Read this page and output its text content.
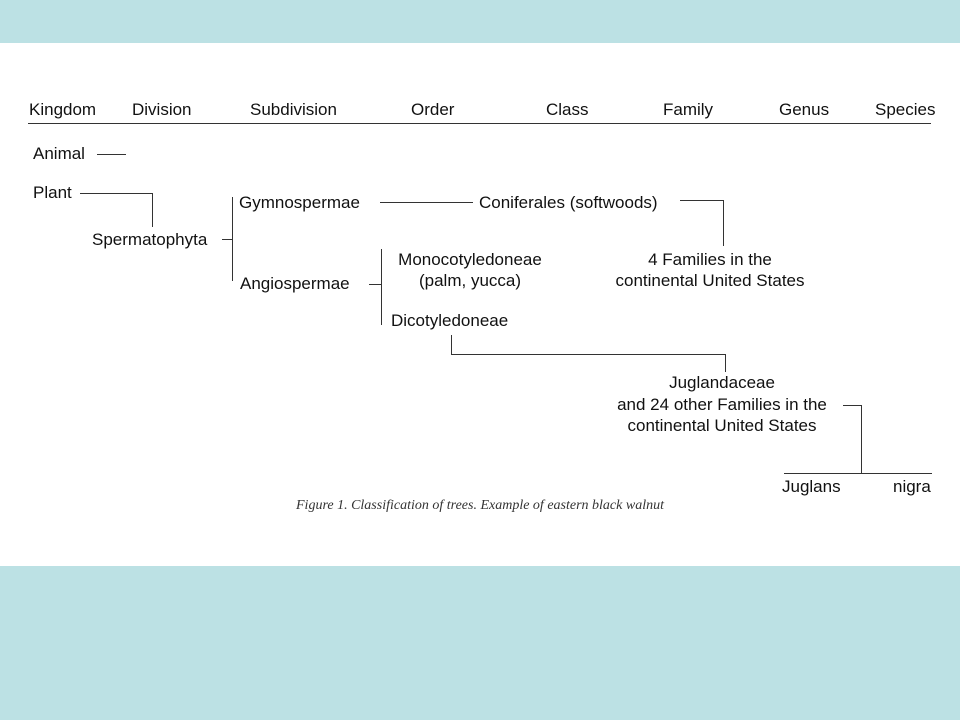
Kingdom Division	Subdivision	Order	Class	Family	Genus	Species
Animal
Plant
Spermatophyta
Gymnospermae	Coniferales (softwoods)
4 Families in the
continental United States
Angiospermae
Monocotyledoneae
(palm, yucca)
Dicotyledoneae
Juglandaceae
and 24 other Families in the
continental United States
Juglans	nigra
Figure 1. Classification of trees. Example of eastern black walnut
